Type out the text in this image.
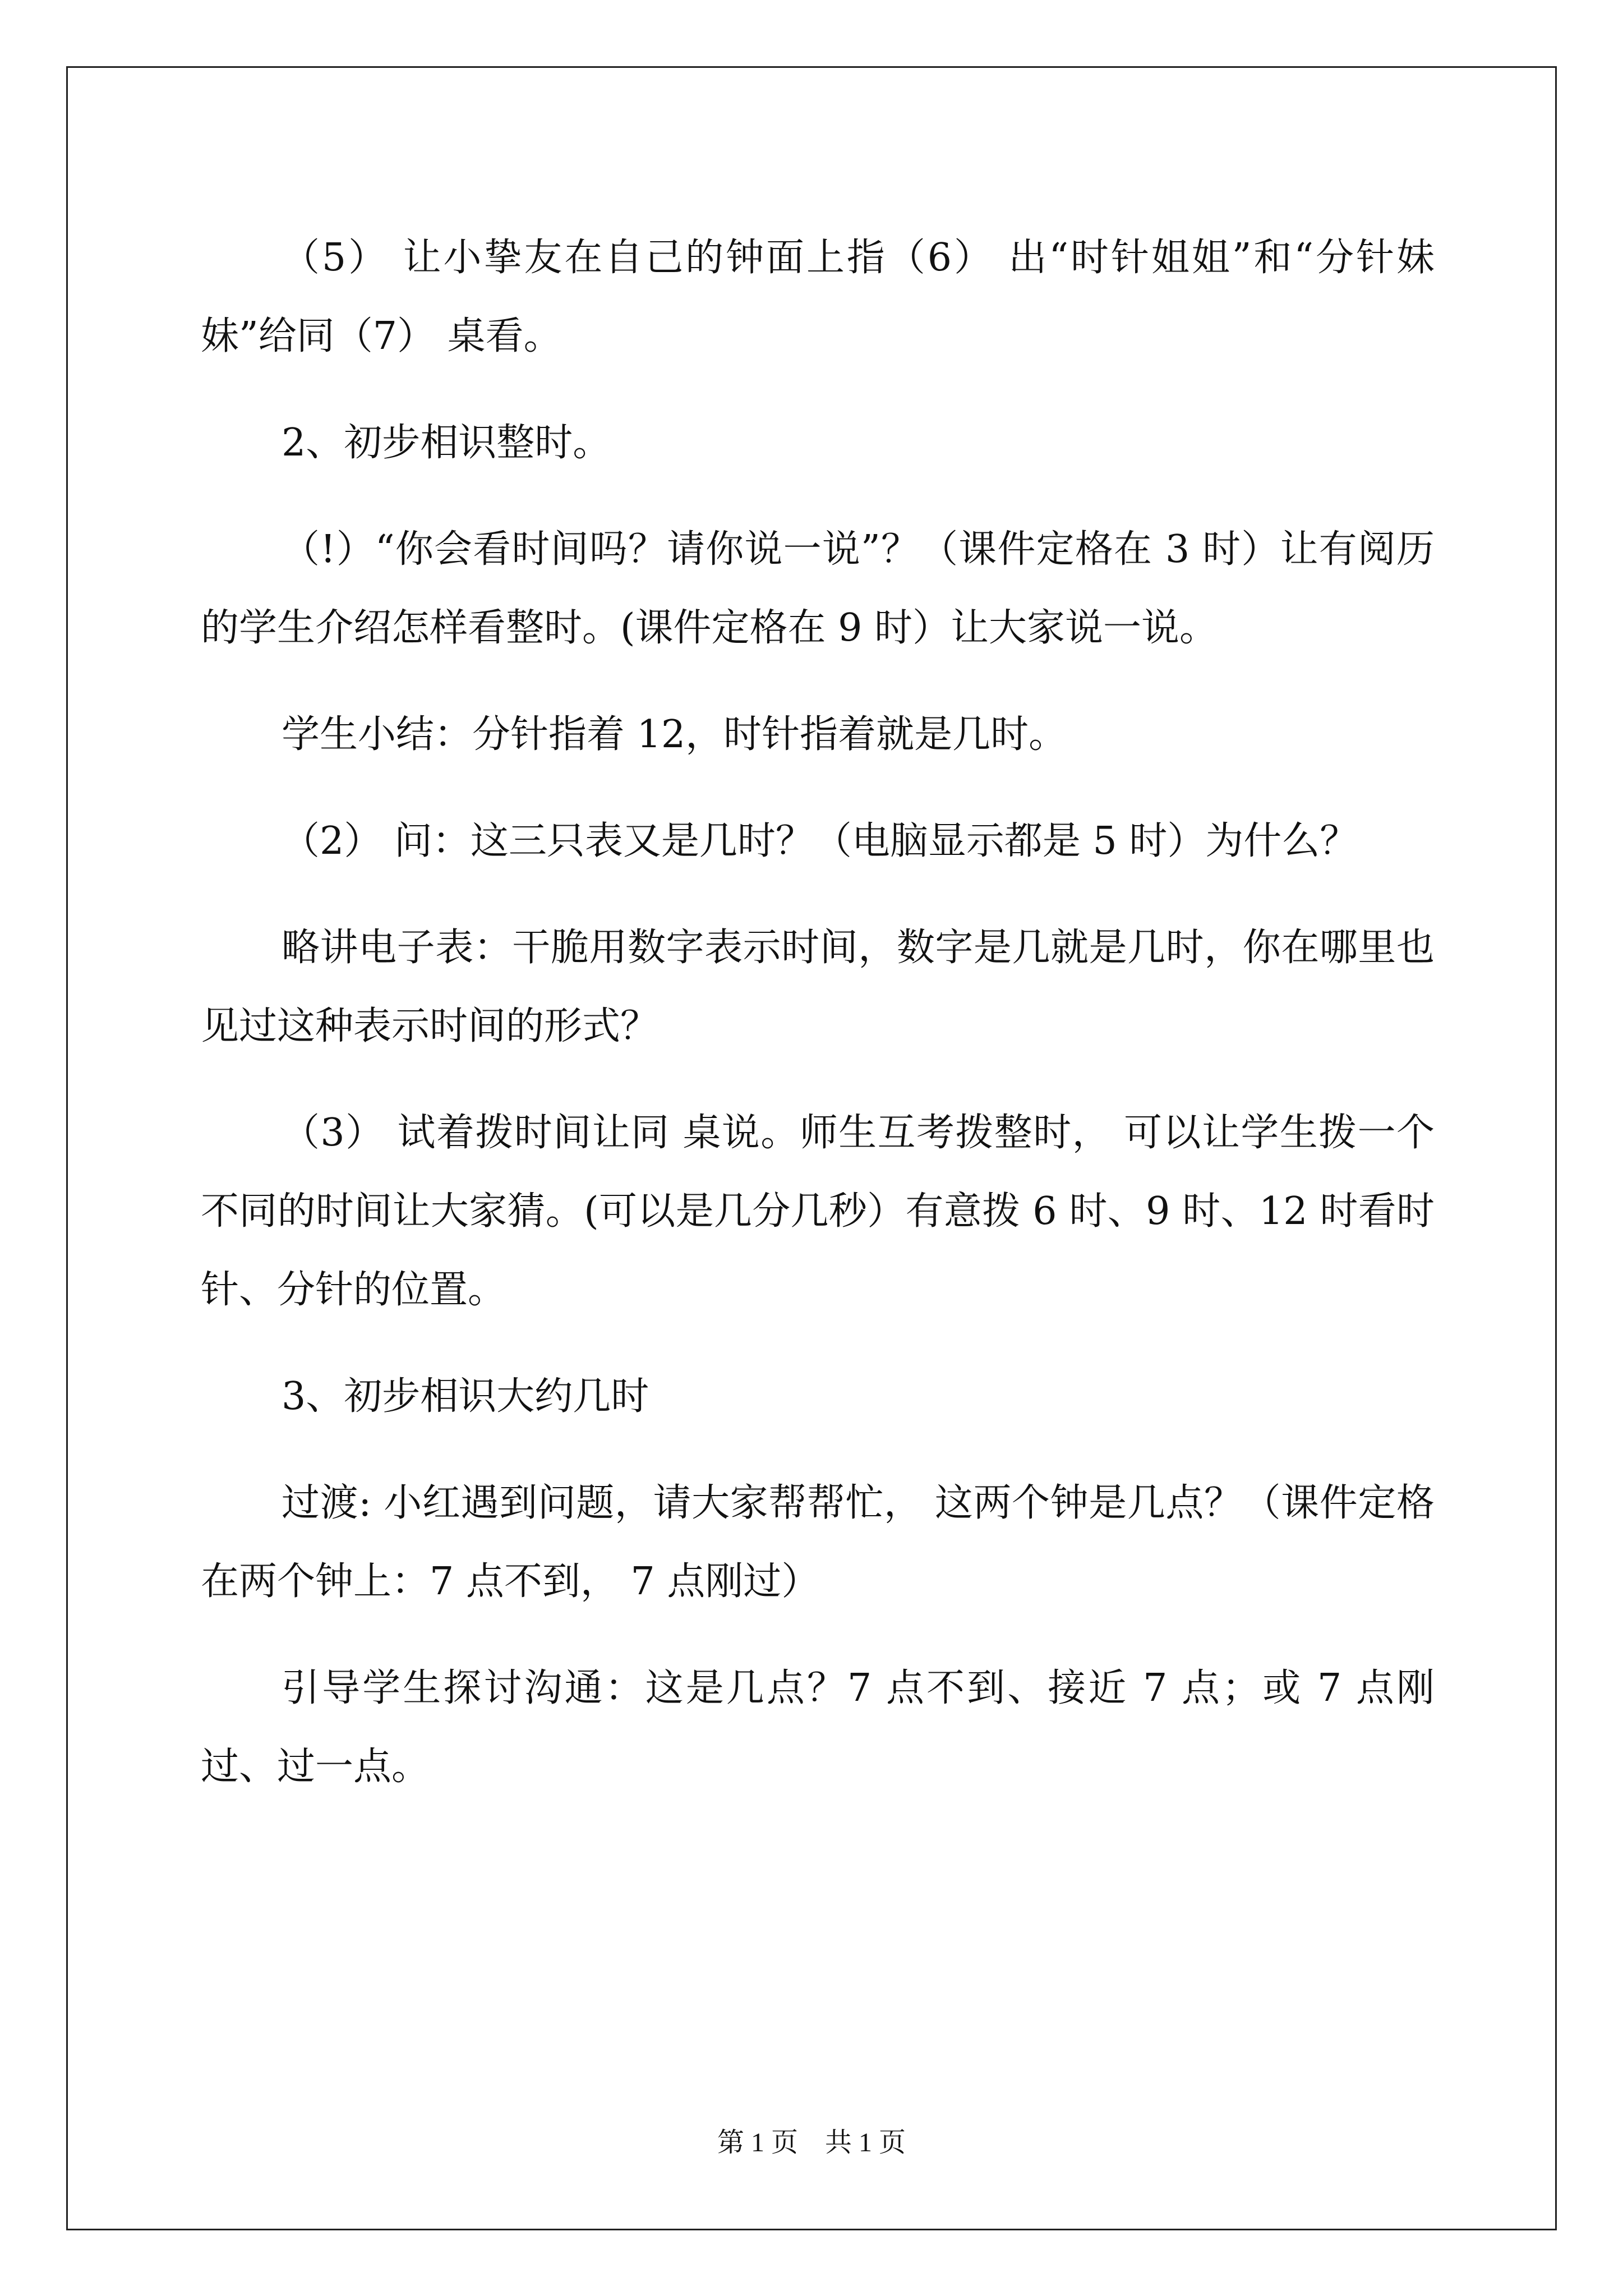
（5） 让小挚友在自己的钟面上指（6） 出“时针姐姐”和“分针妹妹”给同（7） 桌看。

2、初步相识整时。

（!）“你会看时间吗？请你说一说”？（课件定格在 3 时）让有阅历的学生介绍怎样看整时。(课件定格在 9 时）让大家说一说。

学生小结：分针指着 12，时针指着就是几时。

（2） 问：这三只表又是几时？（电脑显示都是 5 时）为什么？

略讲电子表：干脆用数字表示时间，数字是几就是几时，你在哪里也见过这种表示时间的形式？

（3） 试着拨时间让同 桌说。师生互考拨整时， 可以让学生拨一个不同的时间让大家猜。(可以是几分几秒）有意拨 6 时、9 时、12 时看时针、分针的位置。

3、初步相识大约几时

过渡: 小红遇到问题，请大家帮帮忙， 这两个钟是几点？（课件定格在两个钟上：7 点不到， 7 点刚过）

引导学生探讨沟通：这是几点？7 点不到、接近 7 点；或 7 点刚过、过一点。

第 1 页　共 1 页
